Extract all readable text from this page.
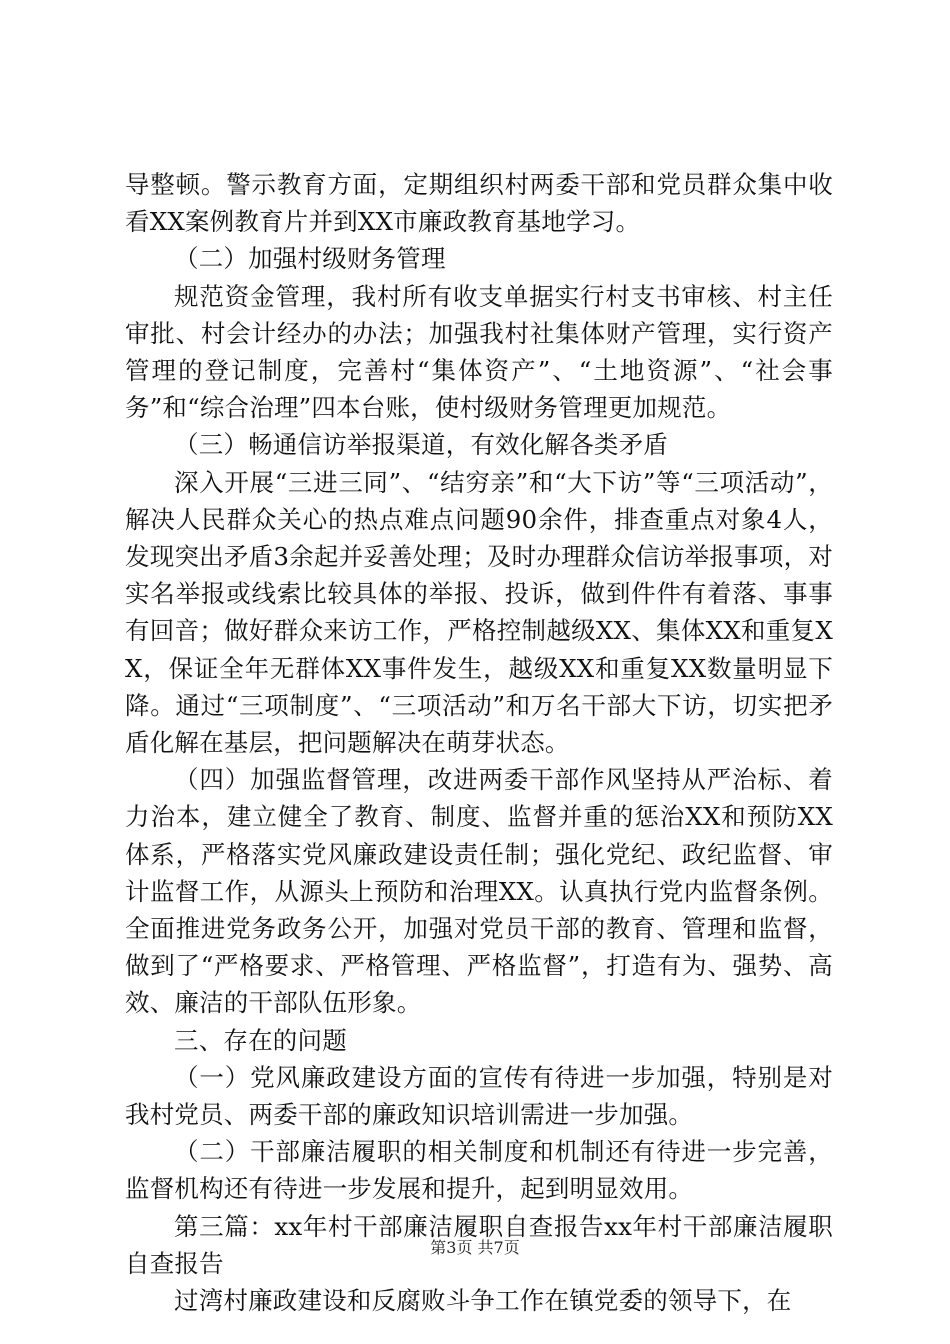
导整顿。警示教育方面，定期组织村两委干部和党员群众集中收看XX案例教育片并到XX市廉政教育基地学习。

（二）加强村级财务管理

规范资金管理，我村所有收支单据实行村支书审核、村主任审批、村会计经办的办法；加强我村社集体财产管理，实行资产管理的登记制度，完善村“集体资产”、“土地资源”、“社会事务”和“综合治理”四本台账，使村级财务管理更加规范。

（三）畅通信访举报渠道，有效化解各类矛盾

深入开展“三进三同”、“结穷亲”和“大下访”等“三项活动”，解决人民群众关心的热点难点问题90余件，排查重点对象4人，发现突出矛盾3余起并妥善处理；及时办理群众信访举报事项，对实名举报或线索比较具体的举报、投诉，做到件件有着落、事事有回音；做好群众来访工作，严格控制越级XX、集体XX和重复XX，保证全年无群体XX事件发生，越级XX和重复XX数量明显下降。通过“三项制度”、“三项活动”和万名干部大下访，切实把矛盾化解在基层，把问题解决在萌芽状态。

（四）加强监督管理，改进两委干部作风坚持从严治标、着力治本，建立健全了教育、制度、监督并重的惩治XX和预防XX体系，严格落实党风廉政建设责任制；强化党纪、政纪监督、审计监督工作，从源头上预防和治理XX。认真执行党内监督条例。全面推进党务政务公开，加强对党员干部的教育、管理和监督，做到了“严格要求、严格管理、严格监督”，打造有为、强势、高效、廉洁的干部队伍形象。

三、存在的问题

（一）党风廉政建设方面的宣传有待进一步加强，特别是对我村党员、两委干部的廉政知识培训需进一步加强。

（二）干部廉洁履职的相关制度和机制还有待进一步完善，监督机构还有待进一步发展和提升，起到明显效用。

第三篇：xx年村干部廉洁履职自查报告xx年村干部廉洁履职自查报告

过湾村廉政建设和反腐败斗争工作在镇党委的领导下，在

第3页 共7页
